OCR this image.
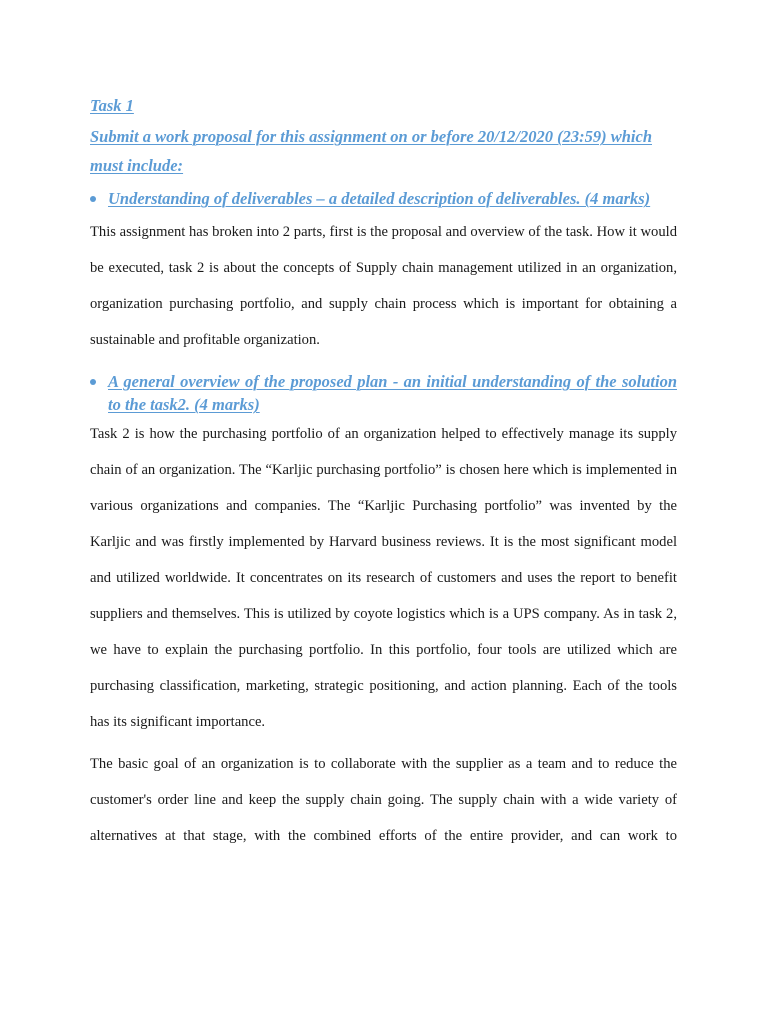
Task 1

Submit a work proposal for this assignment on or before 20/12/2020 (23:59) which

must include:

Understanding of deliverables – a detailed description of deliverables. (4 marks)

This assignment has broken into 2 parts, first is the proposal and overview of the task. How it would be executed, task 2 is about the concepts of Supply chain management utilized in an organization, organization purchasing portfolio, and supply chain process which is important for obtaining a sustainable and profitable organization.

A general overview of the proposed plan - an initial understanding of the solution to the task2. (4 marks)

Task 2 is how the purchasing portfolio of an organization helped to effectively manage its supply chain of an organization. The “Karljic purchasing portfolio” is chosen here which is implemented in various organizations and companies. The “Karljic Purchasing portfolio” was invented by the Karljic and was firstly implemented by Harvard business reviews. It is the most significant model and utilized worldwide. It concentrates on its research of customers and uses the report to benefit suppliers and themselves. This is utilized by coyote logistics which is a UPS company. As in task 2, we have to explain the purchasing portfolio. In this portfolio, four tools are utilized which are purchasing classification, marketing, strategic positioning, and action planning. Each of the tools has its significant importance.

The basic goal of an organization is to collaborate with the supplier as a team and to reduce the customer's order line and keep the supply chain going. The supply chain with a wide variety of alternatives at that stage, with the combined efforts of the entire provider, and can work to
